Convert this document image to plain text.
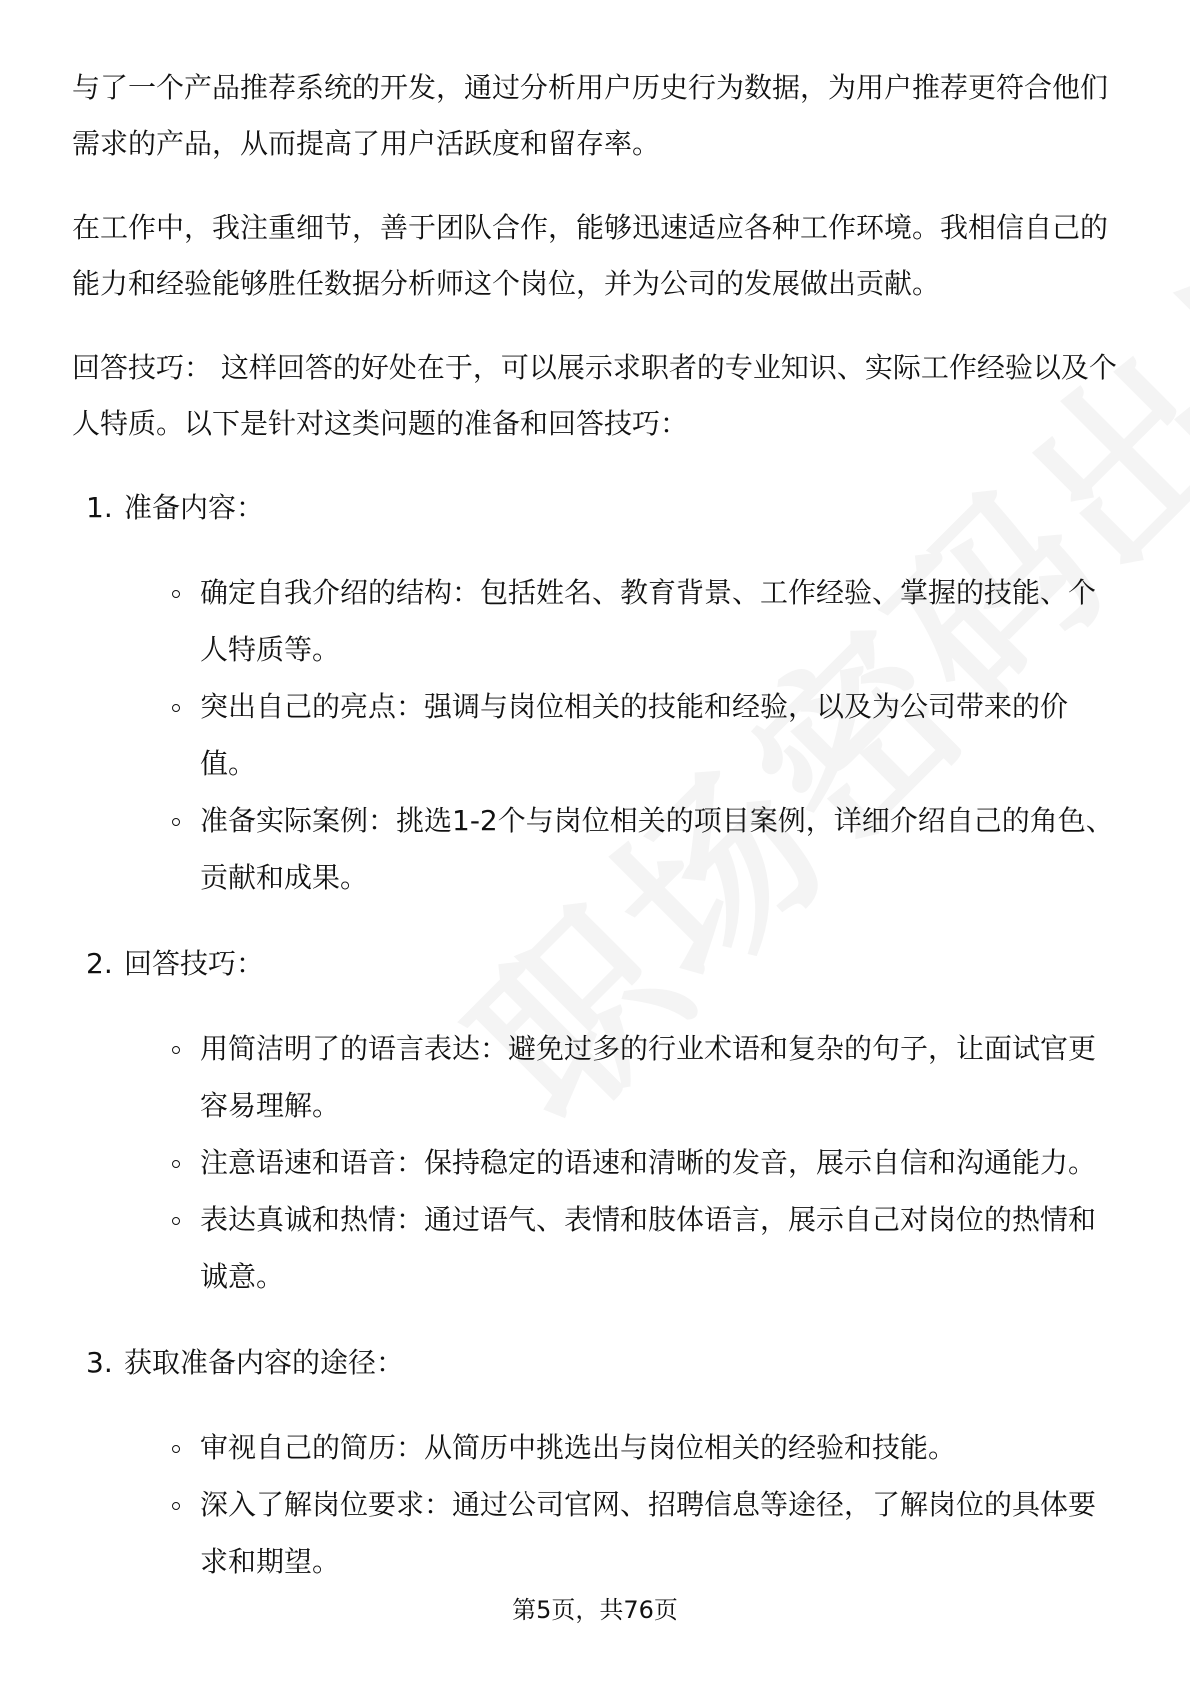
与了一个产品推荐系统的开发，通过分析用户历史行为数据，为用户推荐更符合他们需求的产品，从而提高了用户活跃度和留存率。

在工作中，我注重细节，善于团队合作，能够迅速适应各种工作环境。我相信自己的能力和经验能够胜任数据分析师这个岗位，并为公司的发展做出贡献。

回答技巧： 这样回答的好处在于，可以展示求职者的专业知识、实际工作经验以及个人特质。以下是针对这类问题的准备和回答技巧：

1. 准备内容：

确定自我介绍的结构：包括姓名、教育背景、工作经验、掌握的技能、个人特质等。
突出自己的亮点：强调与岗位相关的技能和经验，以及为公司带来的价值。
准备实际案例：挑选1-2个与岗位相关的项目案例，详细介绍自己的角色、贡献和成果。

2. 回答技巧：

用简洁明了的语言表达：避免过多的行业术语和复杂的句子，让面试官更容易理解。
注意语速和语音：保持稳定的语速和清晰的发音，展示自信和沟通能力。
表达真诚和热情：通过语气、表情和肢体语言，展示自己对岗位的热情和诚意。

3. 获取准备内容的途径：

审视自己的简历：从简历中挑选出与岗位相关的经验和技能。
深入了解岗位要求：通过公司官网、招聘信息等途径，了解岗位的具体要求和期望。
第5页，共76页
